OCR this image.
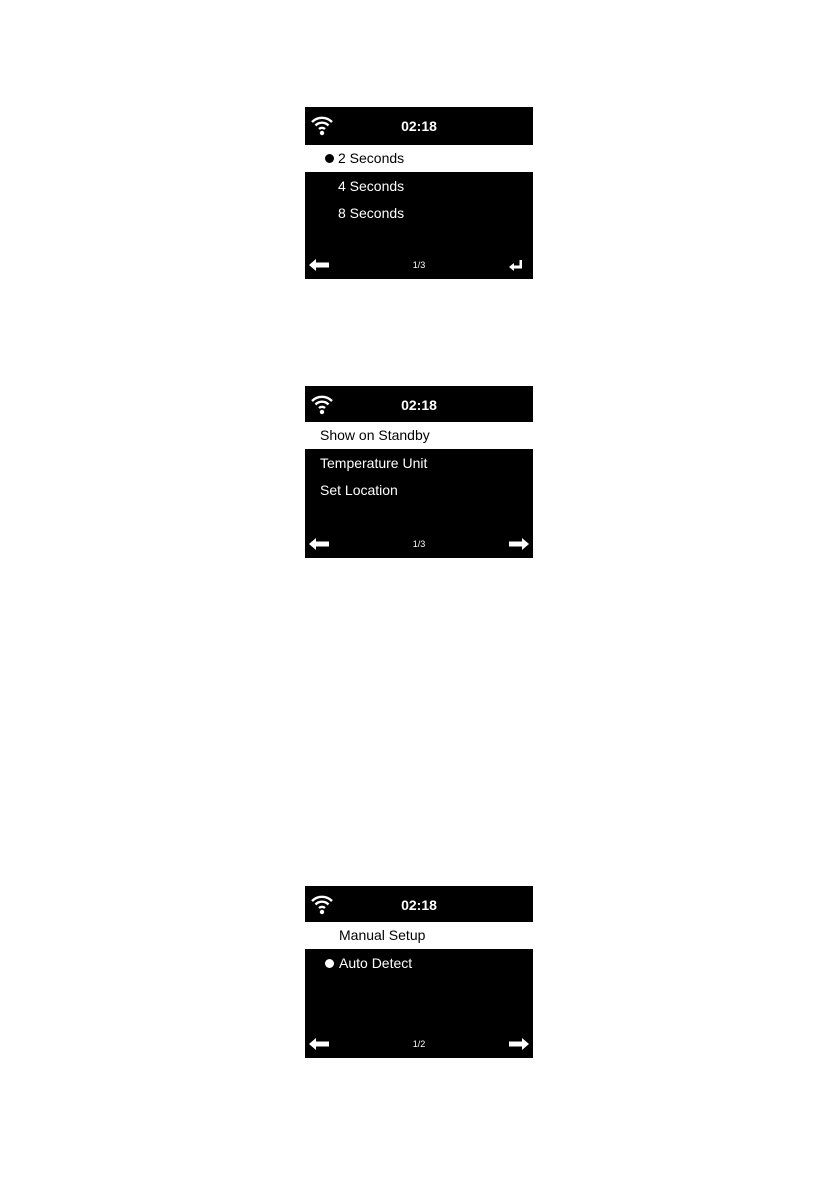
02:18
2 Seconds
4 Seconds
8 Seconds
1/3
02:18
Show on Standby
Temperature Unit
Set Location
1/3
02:18
Manual Setup
Auto Detect
1/2
